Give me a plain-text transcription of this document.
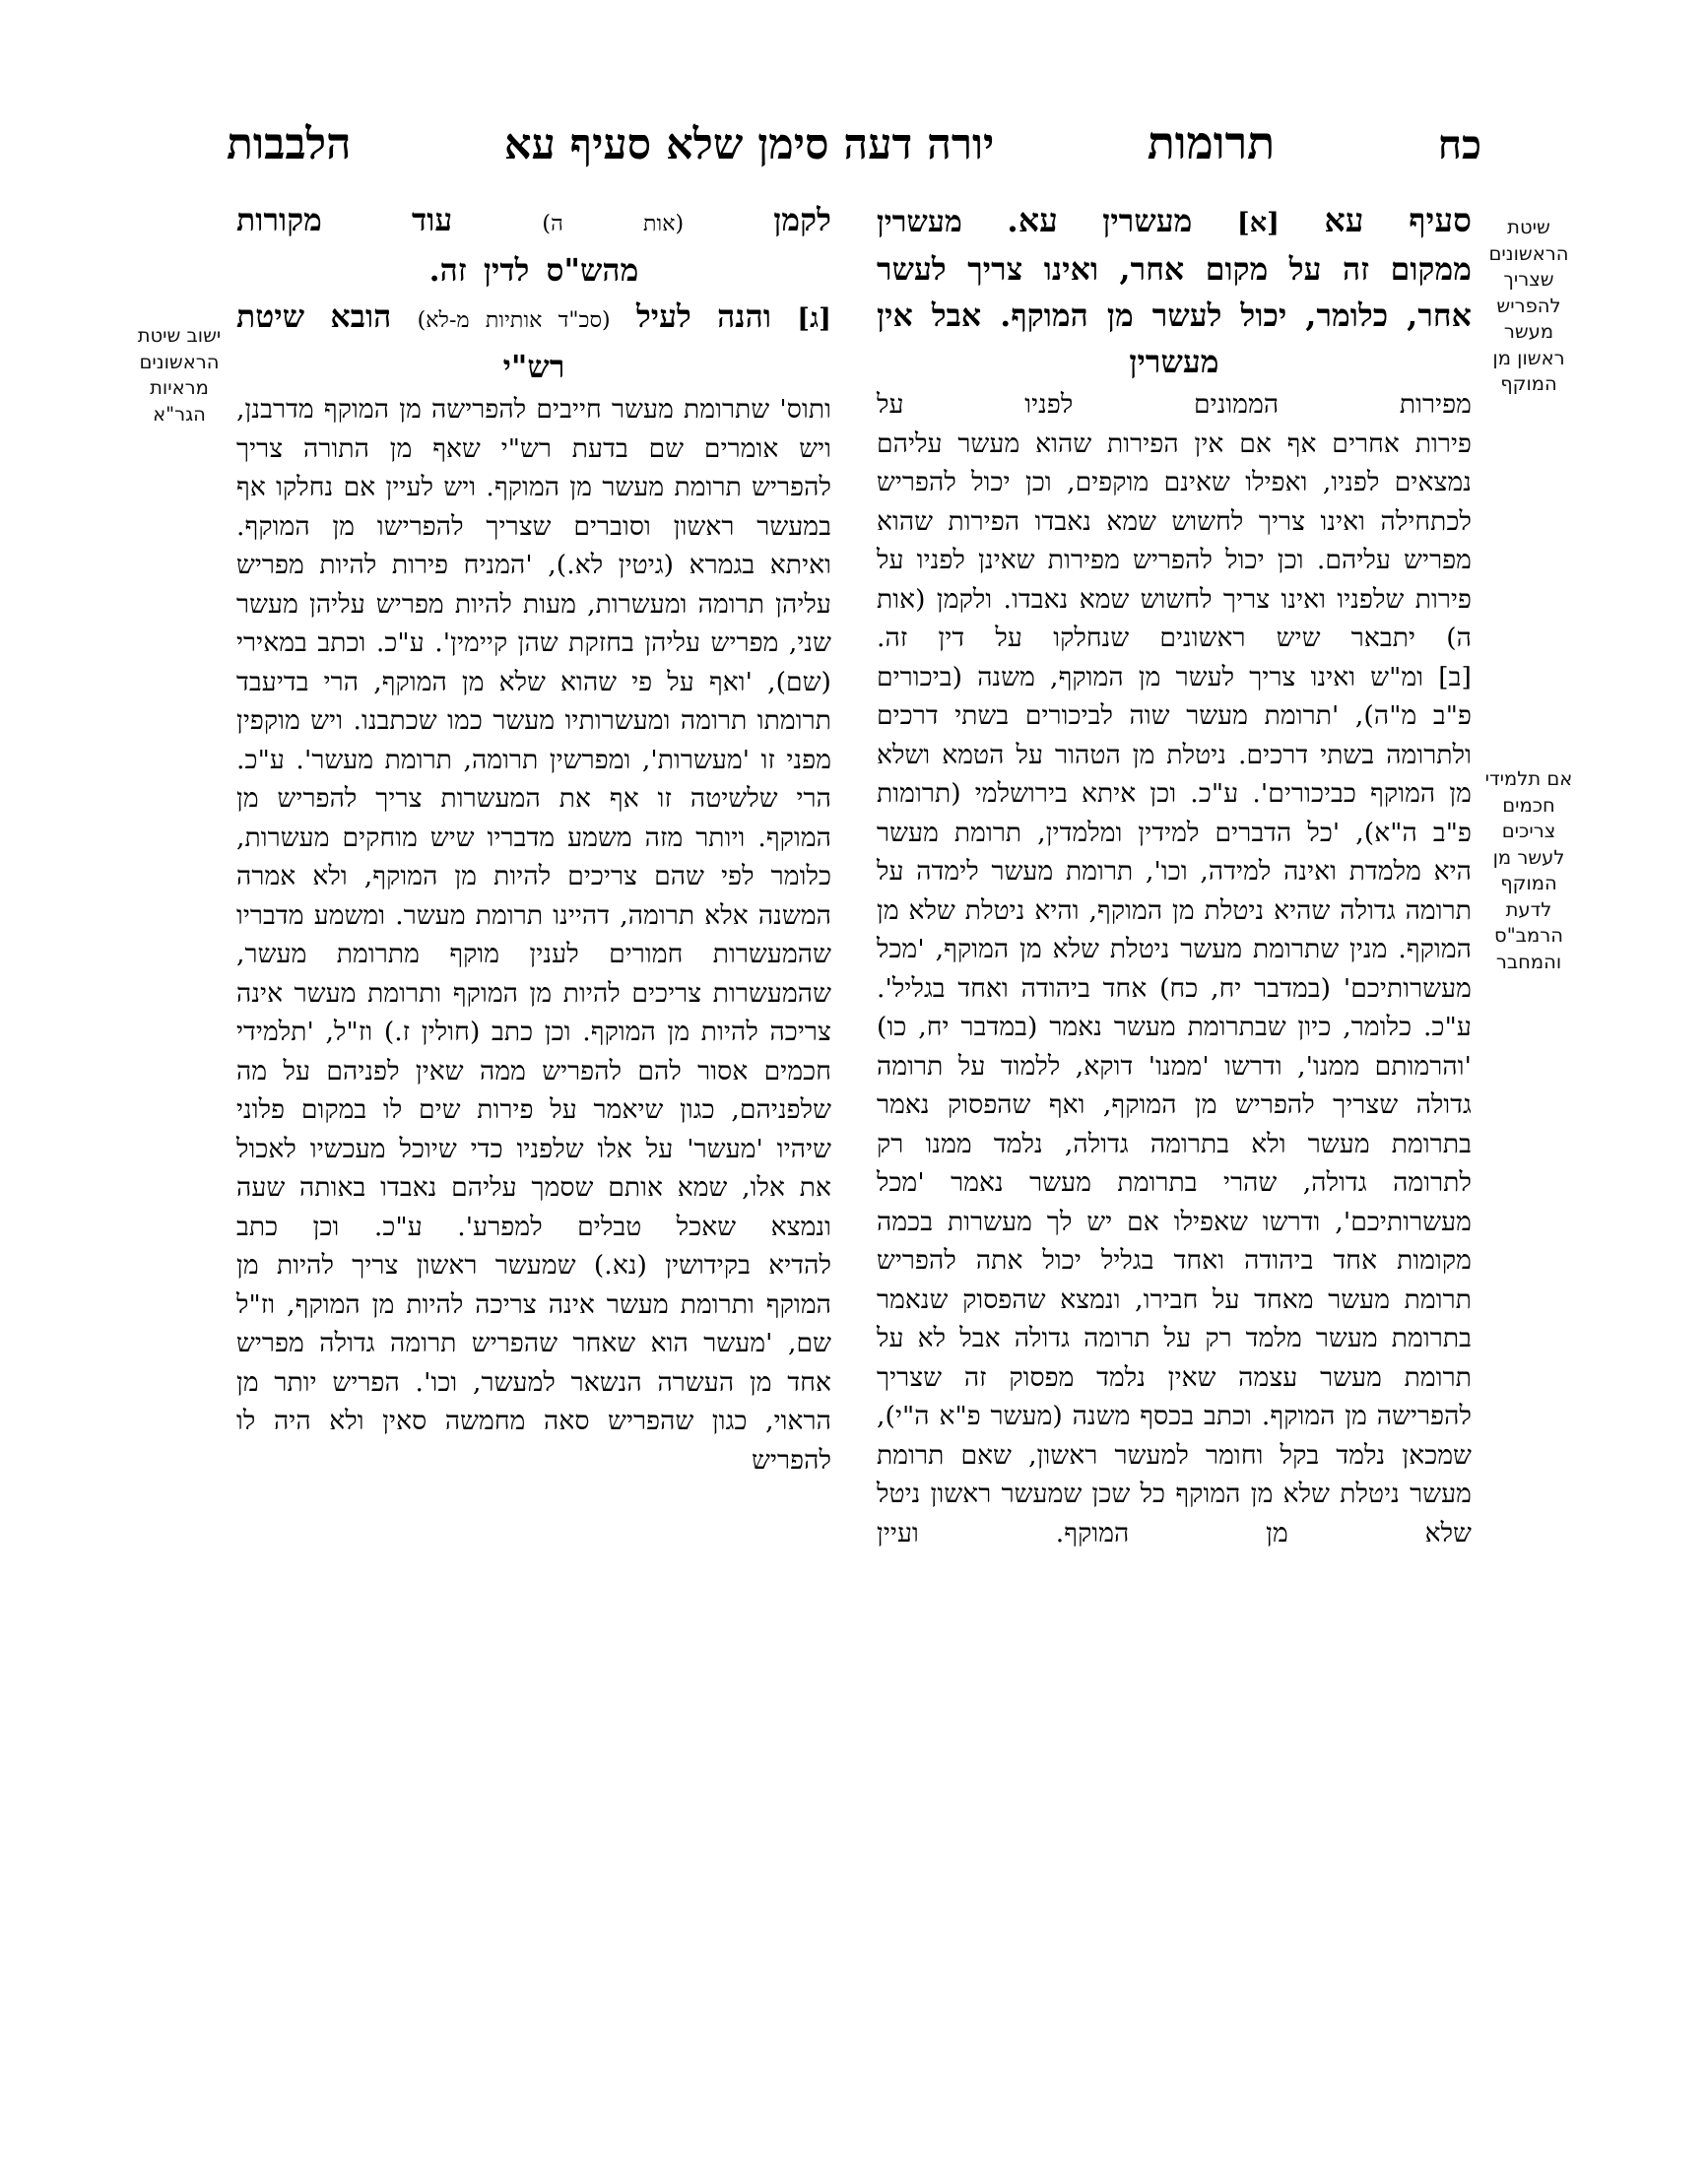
כח
תרומות
יורה דעה סימן שלא סעיף עא
הלבבות
שיטת
הראשונים
שצריך
להפריש
מעשר
ראשון מן
המוקף
אם תלמידי
חכמים
צריכים
לעשר מן
המוקף
לדעת
הרמב"ס
והמחבר
ישוב שיטת
הראשונים
מראיות
הגר"א

סעיף עא [א] מעשרין עא. מעשרין

ממקום זה על מקום אחר, ואינו צריך לעשר

אחר, כלומר, יכול לעשר מן המוקף. אבל אין מעשרין

מפירות הממונים לפניו על

פירות אחרים אף אם אין הפירות שהוא מעשר עליהם נמצאים לפניו, ואפילו שאינם מוקפים, וכן יכול להפריש לכתחילה ואינו צריך לחשוש שמא נאבדו הפירות שהוא מפריש עליהם. וכן יכול להפריש מפירות שאינן לפניו על פירות שלפניו ואינו צריך לחשוש שמא נאבדו. ולקמן (אות ה) יתבאר שיש ראשונים שנחלקו על דין זה.

[ב] ומ"ש ואינו צריך לעשר מן המוקף, משנה (ביכורים פ"ב מ"ה), 'תרומת מעשר שוה לביכורים בשתי דרכים ולתרומה בשתי דרכים. ניטלת מן הטהור על הטמא ושלא מן המוקף כביכורים'. ע"כ. וכן איתא בירושלמי (תרומות פ"ב ה"א), 'כל הדברים למידין ומלמדין, תרומת מעשר היא מלמדת ואינה למידה, וכו', תרומת מעשר לימדה על תרומה גדולה שהיא ניטלת מן המוקף, והיא ניטלת שלא מן המוקף. מנין שתרומת מעשר ניטלת שלא מן המוקף, 'מכל מעשרותיכם' (במדבר יח, כח) אחד ביהודה ואחד בגליל'. ע"כ. כלומר, כיון שבתרומת מעשר נאמר (במדבר יח, כו) 'והרמותם ממנו', ודרשו 'ממנו' דוקא, ללמוד על תרומה גדולה שצריך להפריש מן המוקף, ואף שהפסוק נאמר בתרומת מעשר ולא בתרומה גדולה, נלמד ממנו רק לתרומה גדולה, שהרי בתרומת מעשר נאמר 'מכל מעשרותיכם', ודרשו שאפילו אם יש לך מעשרות בכמה מקומות אחד ביהודה ואחד בגליל יכול אתה להפריש תרומת מעשר מאחד על חבירו, ונמצא שהפסוק שנאמר בתרומת מעשר מלמד רק על תרומה גדולה אבל לא על תרומת מעשר עצמה שאין נלמד מפסוק זה שצריך להפרישה מן המוקף. וכתב בכסף משנה (מעשר פ"א ה"י), שמכאן נלמד בקל וחומר למעשר ראשון, שאם תרומת מעשר ניטלת שלא מן המוקף כל שכן שמעשר ראשון ניטל שלא מן המוקף. ועיין

לקמן (אות ה) עוד מקורות

מהש"ס לדין זה.

[ג] והנה לעיל (סכ"ד אותיות מ-לא) הובא שיטת רש"י

ותוס' שתרומת מעשר חייבים להפרישה מן המוקף מדרבנן, ויש אומרים שם בדעת רש"י שאף מן התורה צריך להפריש תרומת מעשר מן המוקף. ויש לעיין אם נחלקו אף במעשר ראשון וסוברים שצריך להפרישו מן המוקף.

ואיתא בגמרא (גיטין לא.), 'המניח פירות להיות מפריש עליהן תרומה ומעשרות, מעות להיות מפריש עליהן מעשר שני, מפריש עליהן בחזקת שהן קיימין'. ע"כ. וכתב במאירי (שם), 'ואף על פי שהוא שלא מן המוקף, הרי בדיעבד תרומתו תרומה ומעשרותיו מעשר כמו שכתבנו. ויש מוקפין מפני זו 'מעשרות', ומפרשין תרומה, תרומת מעשר'. ע"כ. הרי שלשיטה זו אף את המעשרות צריך להפריש מן המוקף. ויותר מזה משמע מדבריו שיש מוחקים מעשרות, כלומר לפי שהם צריכים להיות מן המוקף, ולא אמרה המשנה אלא תרומה, דהיינו תרומת מעשר. ומשמע מדבריו שהמעשרות חמורים לענין מוקף מתרומת מעשר, שהמעשרות צריכים להיות מן המוקף ותרומת מעשר אינה צריכה להיות מן המוקף. וכן כתב (חולין ז.) וז"ל, 'תלמידי חכמים אסור להם להפריש ממה שאין לפניהם על מה שלפניהם, כגון שיאמר על פירות שים לו במקום פלוני שיהיו 'מעשר' על אלו שלפניו כדי שיוכל מעכשיו לאכול את אלו, שמא אותם שסמך עליהם נאבדו באותה שעה ונמצא שאכל טבלים למפרע'. ע"כ. וכן כתב

להדיא בקידושין (נא.) שמעשר ראשון צריך להיות מן המוקף ותרומת מעשר אינה צריכה להיות מן המוקף, וז"ל שם, 'מעשר הוא שאחר שהפריש תרומה גדולה מפריש אחד מן העשרה הנשאר למעשר, וכו'. הפריש יותר מן הראוי, כגון שהפריש סאה מחמשה סאין ולא היה לו להפריש
